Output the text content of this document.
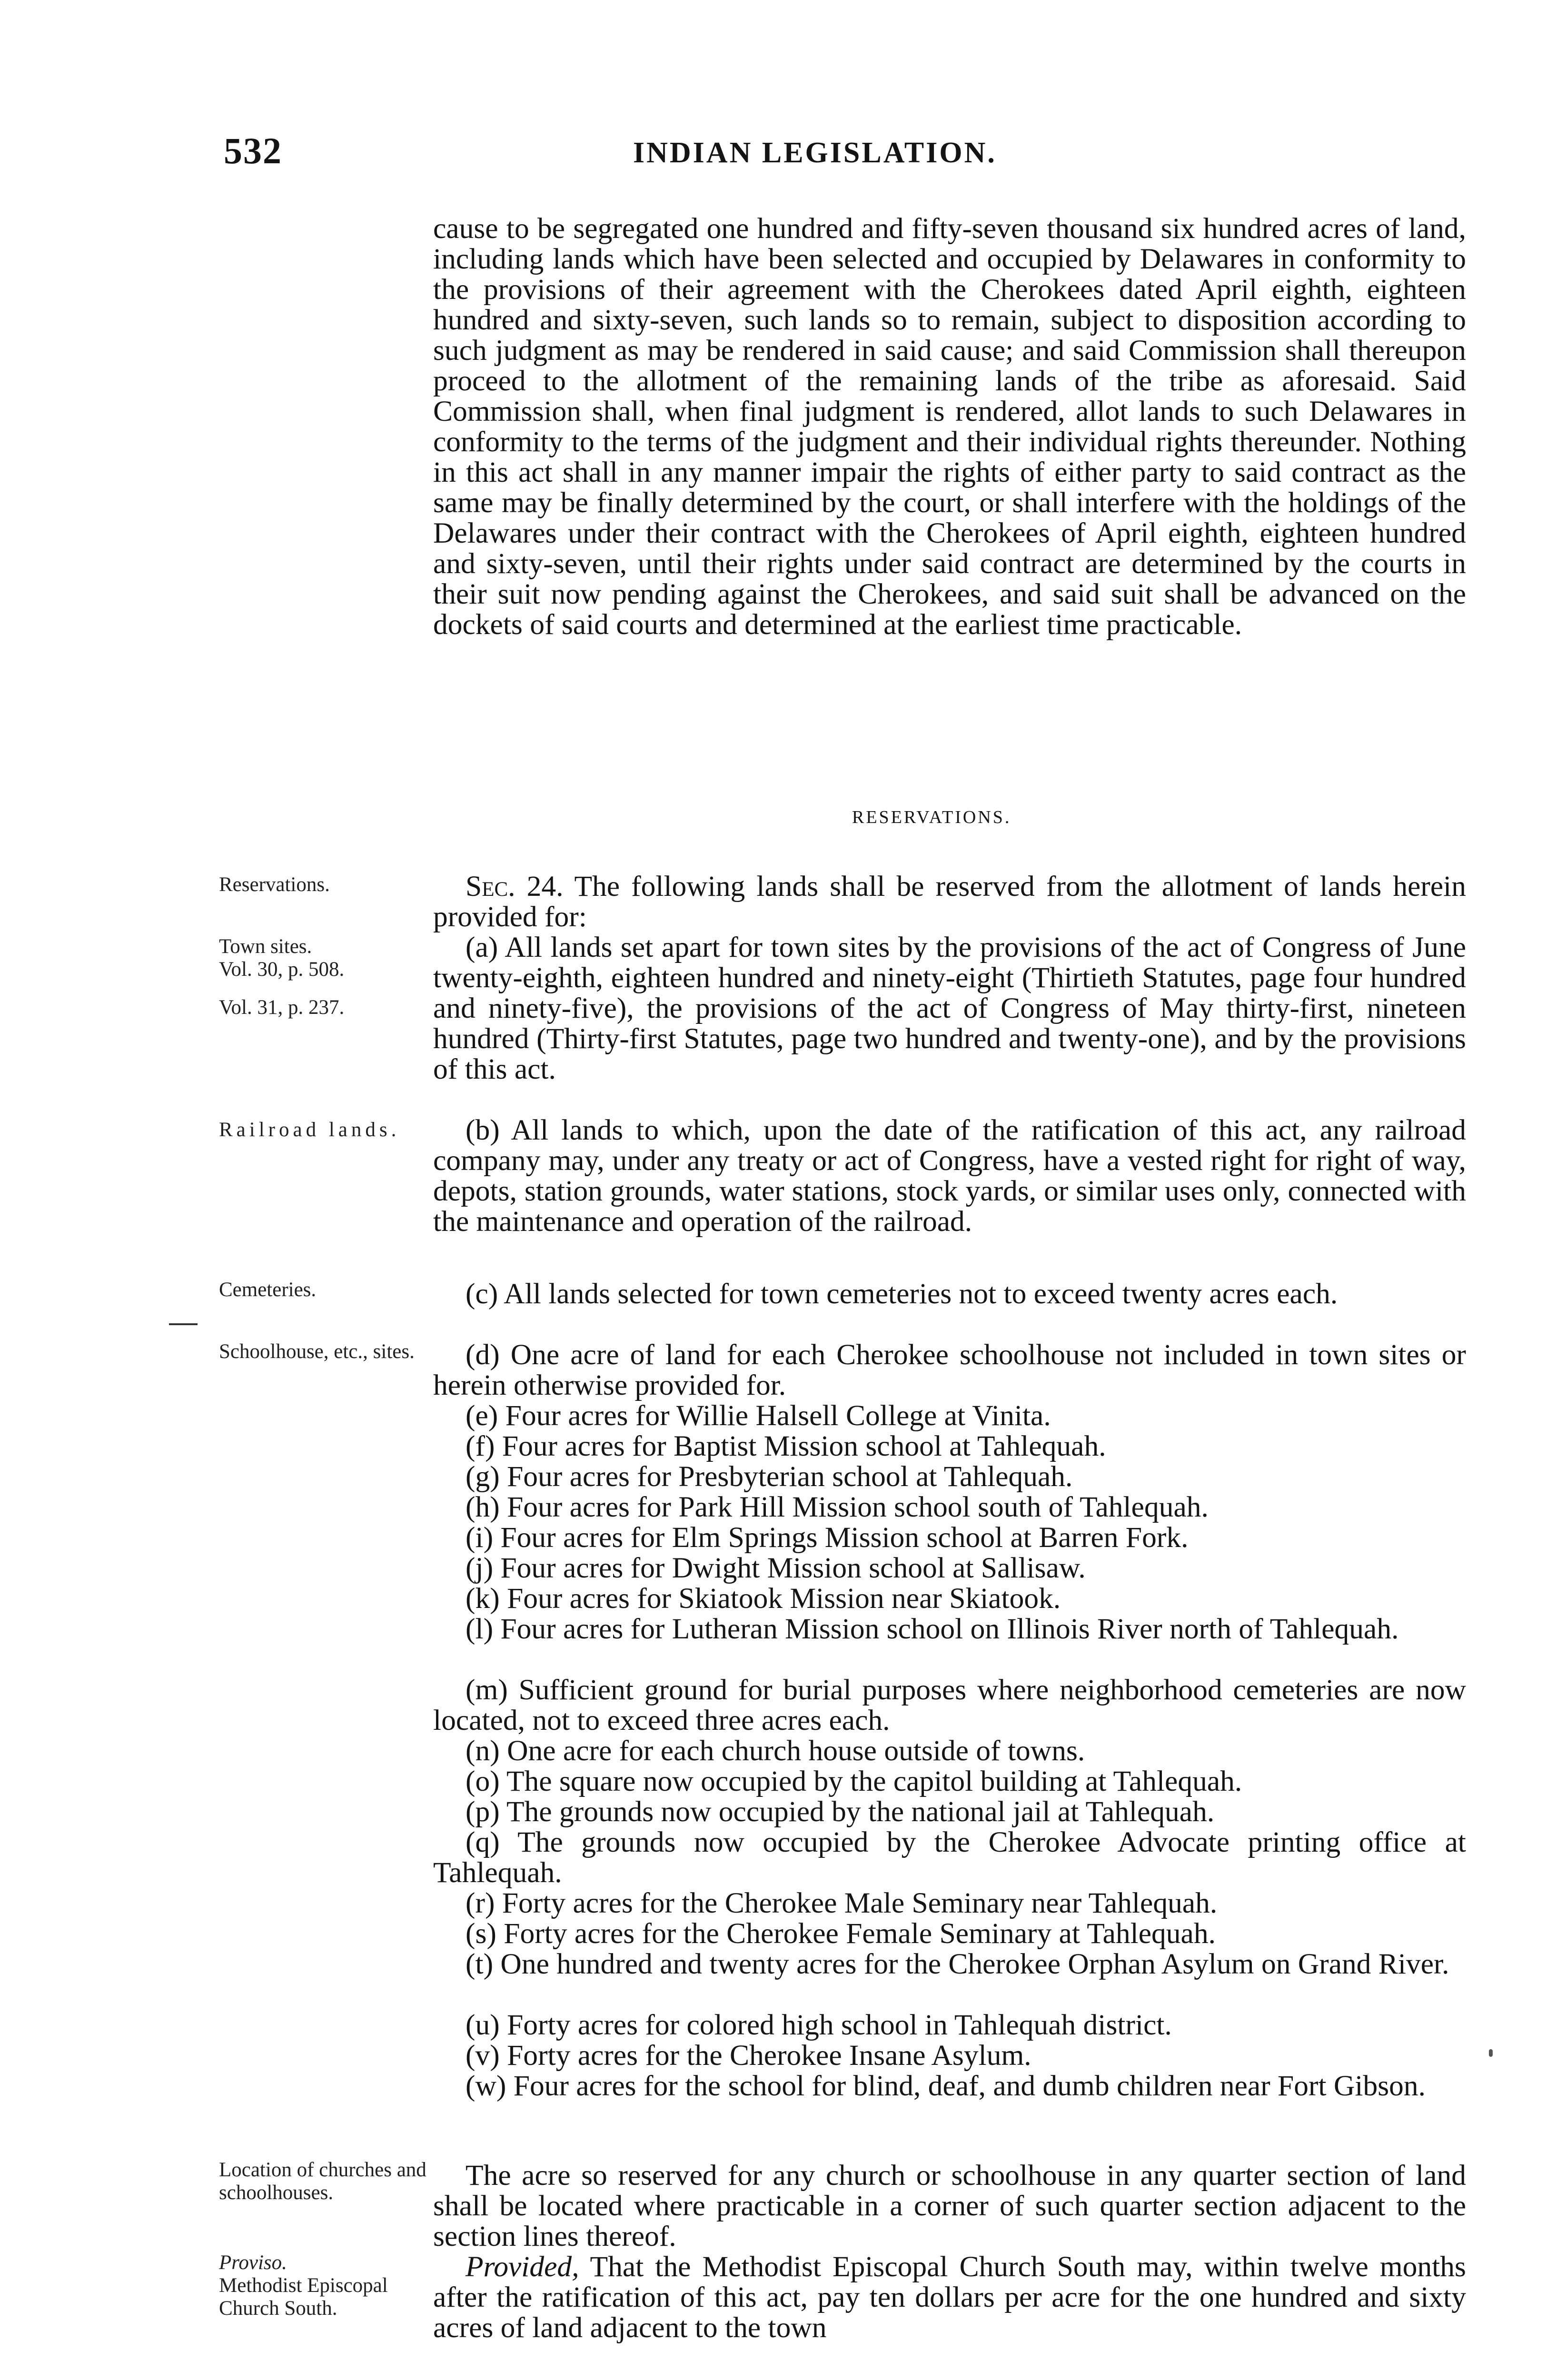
532	INDIAN LEGISLATION.
cause to be segregated one hundred and fifty-seven thousand six hundred acres of land, including lands which have been selected and occupied by Delawares in conformity to the provisions of their agreement with the Cherokees dated April eighth, eighteen hundred and sixty-seven, such lands so to remain, subject to disposition according to such judgment as may be rendered in said cause; and said Commission shall thereupon proceed to the allotment of the remaining lands of the tribe as aforesaid. Said Commission shall, when final judgment is rendered, allot lands to such Delawares in conformity to the terms of the judgment and their individual rights thereunder. Nothing in this act shall in any manner impair the rights of either party to said contract as the same may be finally determined by the court, or shall interfere with the holdings of the Delawares under their contract with the Cherokees of April eighth, eighteen hundred and sixty-seven, until their rights under said contract are determined by the courts in their suit now pending against the Cherokees, and said suit shall be advanced on the dockets of said courts and determined at the earliest time practicable.
RESERVATIONS.
Reservations.
Town sites.
Vol. 30, p. 508.
Vol. 31, p. 237.
Railroad lands.
Cemeteries.
Schoolhouse, etc., sites.
Location of churches and schoolhouses.
Proviso.
Methodist Episcopal Church South.
Sec. 24. The following lands shall be reserved from the allotment of lands herein provided for:
(a) All lands set apart for town sites by the provisions of the act of Congress of June twenty-eighth, eighteen hundred and ninety-eight (Thirtieth Statutes, page four hundred and ninety-five), the provisions of the act of Congress of May thirty-first, nineteen hundred (Thirty-first Statutes, page two hundred and twenty-one), and by the provisions of this act.
(b) All lands to which, upon the date of the ratification of this act, any railroad company may, under any treaty or act of Congress, have a vested right for right of way, depots, station grounds, water stations, stock yards, or similar uses only, connected with the maintenance and operation of the railroad.
(c) All lands selected for town cemeteries not to exceed twenty acres each.
(d) One acre of land for each Cherokee schoolhouse not included in town sites or herein otherwise provided for.
(e) Four acres for Willie Halsell College at Vinita.
(f) Four acres for Baptist Mission school at Tahlequah.
(g) Four acres for Presbyterian school at Tahlequah.
(h) Four acres for Park Hill Mission school south of Tahlequah.
(i) Four acres for Elm Springs Mission school at Barren Fork.
(j) Four acres for Dwight Mission school at Sallisaw.
(k) Four acres for Skiatook Mission near Skiatook.
(l) Four acres for Lutheran Mission school on Illinois River north of Tahlequah.
(m) Sufficient ground for burial purposes where neighborhood cemeteries are now located, not to exceed three acres each.
(n) One acre for each church house outside of towns.
(o) The square now occupied by the capitol building at Tahlequah.
(p) The grounds now occupied by the national jail at Tahlequah.
(q) The grounds now occupied by the Cherokee Advocate printing office at Tahlequah.
(r) Forty acres for the Cherokee Male Seminary near Tahlequah.
(s) Forty acres for the Cherokee Female Seminary at Tahlequah.
(t) One hundred and twenty acres for the Cherokee Orphan Asylum on Grand River.
(u) Forty acres for colored high school in Tahlequah district.
(v) Forty acres for the Cherokee Insane Asylum.
(w) Four acres for the school for blind, deaf, and dumb children near Fort Gibson.
The acre so reserved for any church or schoolhouse in any quarter section of land shall be located where practicable in a corner of such quarter section adjacent to the section lines thereof.
Provided, That the Methodist Episcopal Church South may, within twelve months after the ratification of this act, pay ten dollars per acre for the one hundred and sixty acres of land adjacent to the town
